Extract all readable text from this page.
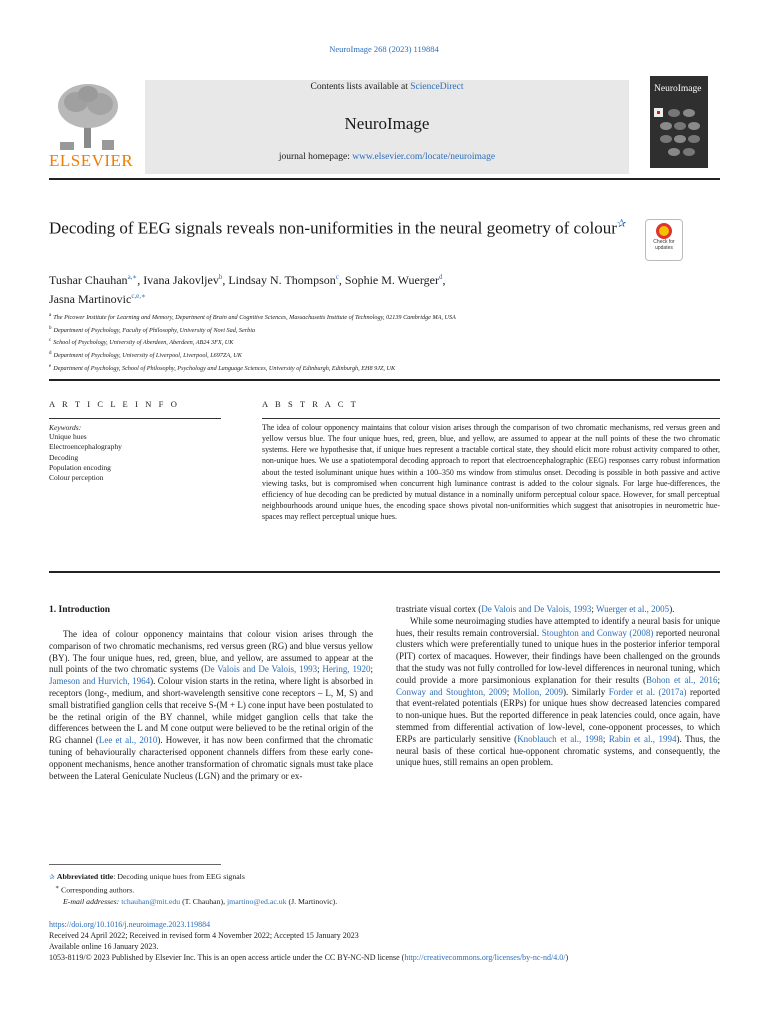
NeuroImage 268 (2023) 119884
ELSEVIER
Contents lists available at ScienceDirect
NeuroImage
journal homepage: www.elsevier.com/locate/neuroimage
NeuroImage
Decoding of EEG signals reveals non-uniformities in the neural geometry of colour✰
Check for updates
Tushar Chauhan$^{a,∗}$, Ivana Jakovljev$^b$, Lindsay N. Thompson$^c$, Sophie M. Wuerger$^d$,
Jasna Martinovic$^{c,e,∗}$
$^a$ The Picower Institute for Learning and Memory, Department of Brain and Cognitive Sciences, Massachusetts Institute of Technology, 02139 Cambridge MA, USA
$^b$ Department of Psychology, Faculty of Philosophy, University of Novi Sad, Serbia
$^c$ School of Psychology, University of Aberdeen, Aberdeen, AB24 3FX, UK
$^d$ Department of Psychology, University of Liverpool, Liverpool, L697ZA, UK
$^e$ Department of Psychology, School of Philosophy, Psychology and Language Sciences, University of Edinburgh, Edinburgh, EH8 9JZ, UK
A R T I C L E I N F O
Keywords:
Unique hues
Electroencephalography
Decoding
Population encoding
Colour perception
A B S T R A C T
The idea of colour opponency maintains that colour vision arises through the comparison of two chromatic mechanisms, red versus green and yellow versus blue. The four unique hues, red, green, blue, and yellow, are assumed to appear at the null points of these the two chromatic systems. Here we hypothesise that, if unique hues represent a tractable cortical state, they should elicit more robust activity compared to other, non-unique hues. We use a spatiotemporal decoding approach to report that electroencephalographic (EEG) responses carry robust information about the tested isoluminant unique hues within a 100–350 ms window from stimulus onset. Decoding is possible in both passive and active viewing tasks, but is compromised when concurrent high luminance contrast is added to the colour signals. For large hue-differences, the efficiency of hue decoding can be predicted by mutual distance in a nominally uniform perceptual colour space. However, for small perceptual neighbourhoods around unique hues, the encoding space shows pivotal non-uniformities which suggest that anisotropies in neurometric hue-spaces may reflect perceptual unique hues.
1. Introduction

The idea of colour opponency maintains that colour vision arises through the comparison of two chromatic mechanisms, red versus green (RG) and blue versus yellow (BY). The four unique hues, red, green, blue, and yellow, are assumed to appear at the null points of the two chromatic systems (De Valois and De Valois, 1993; Hering, 1920; Jameson and Hurvich, 1964). Colour vision starts in the retina, where light is absorbed in receptors (long-, medium, and short-wavelength sensitive cone receptors – L, M, S) and small bistratified ganglion cells that receive S-(M + L) cone input have been postulated to be the retinal origin of the BY channel, while midget ganglion cells that take the differences between the L and M cone output were believed to be the retinal origin of the RG channel (Lee et al., 2010). However, it has now been confirmed that the chromatic tuning of behaviourally characterised opponent channels differs from these early cone-opponent mechanisms, hence another transformation of chromatic signals must take place between the Lateral Geniculate Nucleus (LGN) and the primary or ex-

trastriate visual cortex (De Valois and De Valois, 1993; Wuerger et al., 2005).

While some neuroimaging studies have attempted to identify a neural basis for unique hues, their results remain controversial. Stoughton and Conway (2008) reported neuronal clusters which were preferentially tuned to unique hues in the posterior inferior temporal (PIT) cortex of macaques. However, their findings have been challenged on the grounds that the study was not fully controlled for low-level differences in neuronal tuning, which could provide a more parsimonious explanation for their results (Bohon et al., 2016; Conway and Stoughton, 2009; Mollon, 2009). Similarly Forder et al. (2017a) reported that event-related potentials (ERPs) for unique hues show decreased latencies compared to non-unique hues. But the reported difference in peak latencies could, once again, have stemmed from differential activation of low-level, cone-opponent processes, to which ERPs are particularly sensitive (Knoblauch et al., 1998; Rabin et al., 1994). Thus, the neural basis of these cortical hue-opponent chromatic systems, and consequently, the unique hues, still remains an open problem.

✰ Abbreviated title: Decoding unique hues from EEG signals
∗ Corresponding authors.
E-mail addresses: tchauhan@mit.edu (T. Chauhan), jmartino@ed.ac.uk (J. Martinovic).
https://doi.org/10.1016/j.neuroimage.2023.119884
Received 24 April 2022; Received in revised form 4 November 2022; Accepted 15 January 2023
Available online 16 January 2023.
1053-8119/© 2023 Published by Elsevier Inc. This is an open access article under the CC BY-NC-ND license (http://creativecommons.org/licenses/by-nc-nd/4.0/)
